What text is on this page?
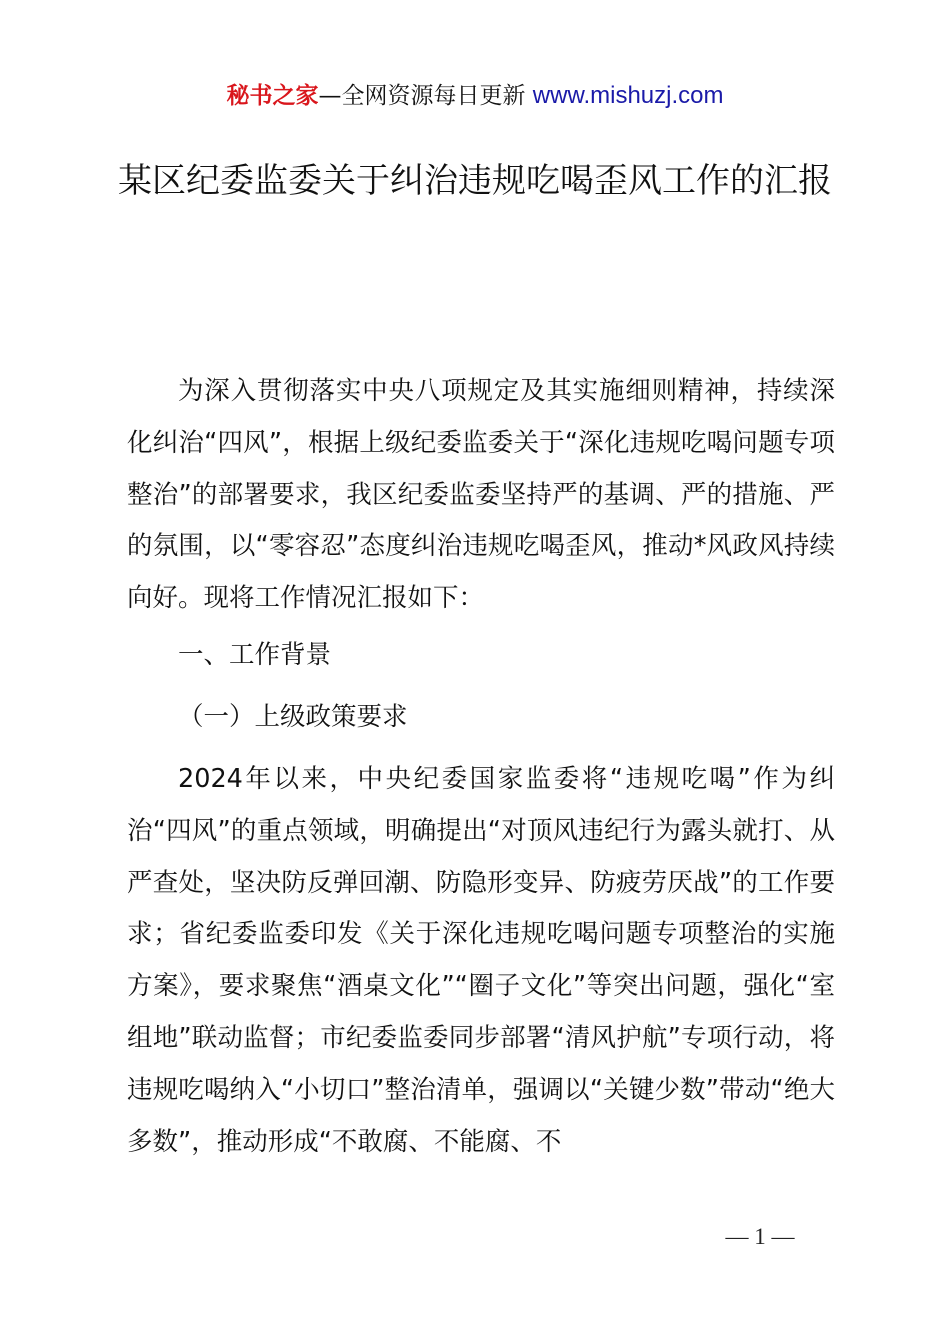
秘书之家—全网资源每日更新 www.mishuzj.com
某区纪委监委关于纠治违规吃喝歪风工作的汇报

为深入贯彻落实中央八项规定及其实施细则精神，持续深化纠治“四风”，根据上级纪委监委关于“深化违规吃喝问题专项整治”的部署要求，我区纪委监委坚持严的基调、严的措施、严的氛围，以“零容忍”态度纠治违规吃喝歪风，推动*风政风持续向好。现将工作情况汇报如下：

一、工作背景

（一）上级政策要求

2024年以来，中央纪委国家监委将“违规吃喝”作为纠治“四风”的重点领域，明确提出“对顶风违纪行为露头就打、从严查处，坚决防反弹回潮、防隐形变异、防疲劳厌战”的工作要求；省纪委监委印发《关于深化违规吃喝问题专项整治的实施方案》，要求聚焦“酒桌文化”“圈子文化”等突出问题，强化“室组地”联动监督；市纪委监委同步部署“清风护航”专项行动，将违规吃喝纳入“小切口”整治清单，强调以“关键少数”带动“绝大多数”，推动形成“不敢腐、不能腐、不

— 1 —
